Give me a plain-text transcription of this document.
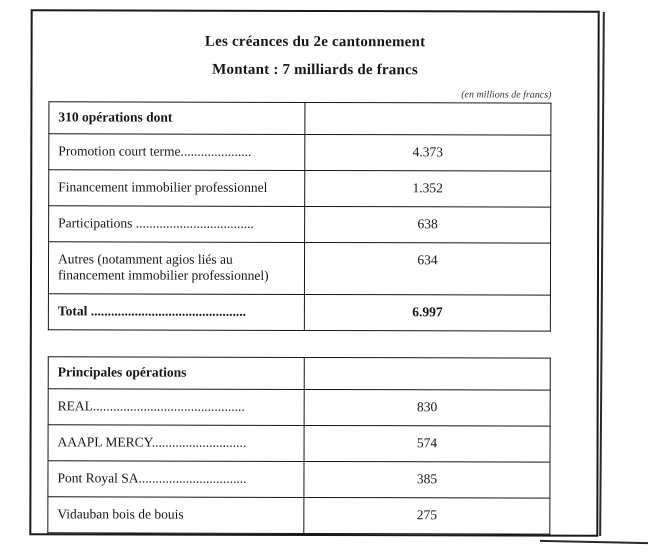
Les créances du 2e cantonnement
Montant : 7 milliards de francs
(en millions de francs)
310 opérations dont	
Promotion court terme.....................	4.373
Financement immobilier professionnel	1.352
Participations ...................................	638
Autres (notamment agios liés au financement immobilier professionnel)	634
Total ..............................................	6.997
Principales opérations	
REAL.............................................	830
AAAPL MERCY............................	574
Pont Royal SA................................	385
Vidauban bois de bouis	275
